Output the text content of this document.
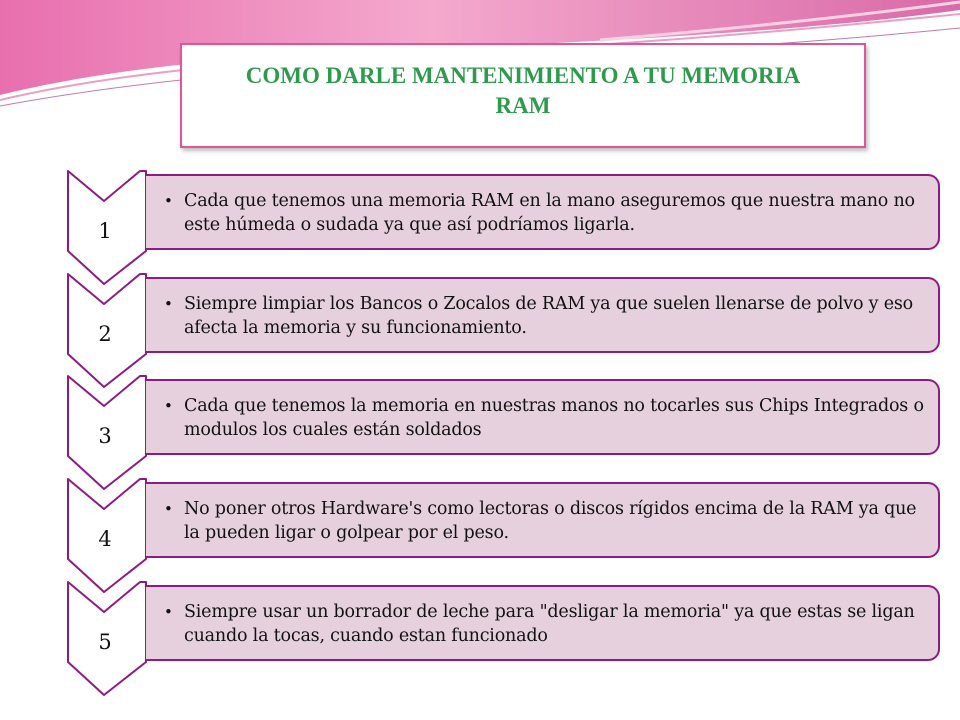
COMO DARLE MANTENIMIENTO A TU MEMORIA RAM
1
• Cada que tenemos una memoria RAM en la mano aseguremos que nuestra mano no este húmeda o sudada ya que así podríamos ligarla.
2
• Siempre limpiar los Bancos o Zocalos de RAM ya que suelen llenarse de polvo y eso afecta la memoria y su funcionamiento.
3
• Cada que tenemos la memoria en nuestras manos no tocarles sus Chips Integrados o modulos los cuales están soldados
4
• No poner otros Hardware's como lectoras o discos rígidos encima de la RAM ya que la pueden ligar o golpear por el peso.
5
• Siempre usar un borrador de leche para "desligar la memoria" ya que estas se ligan cuando la tocas, cuando estan funcionado
